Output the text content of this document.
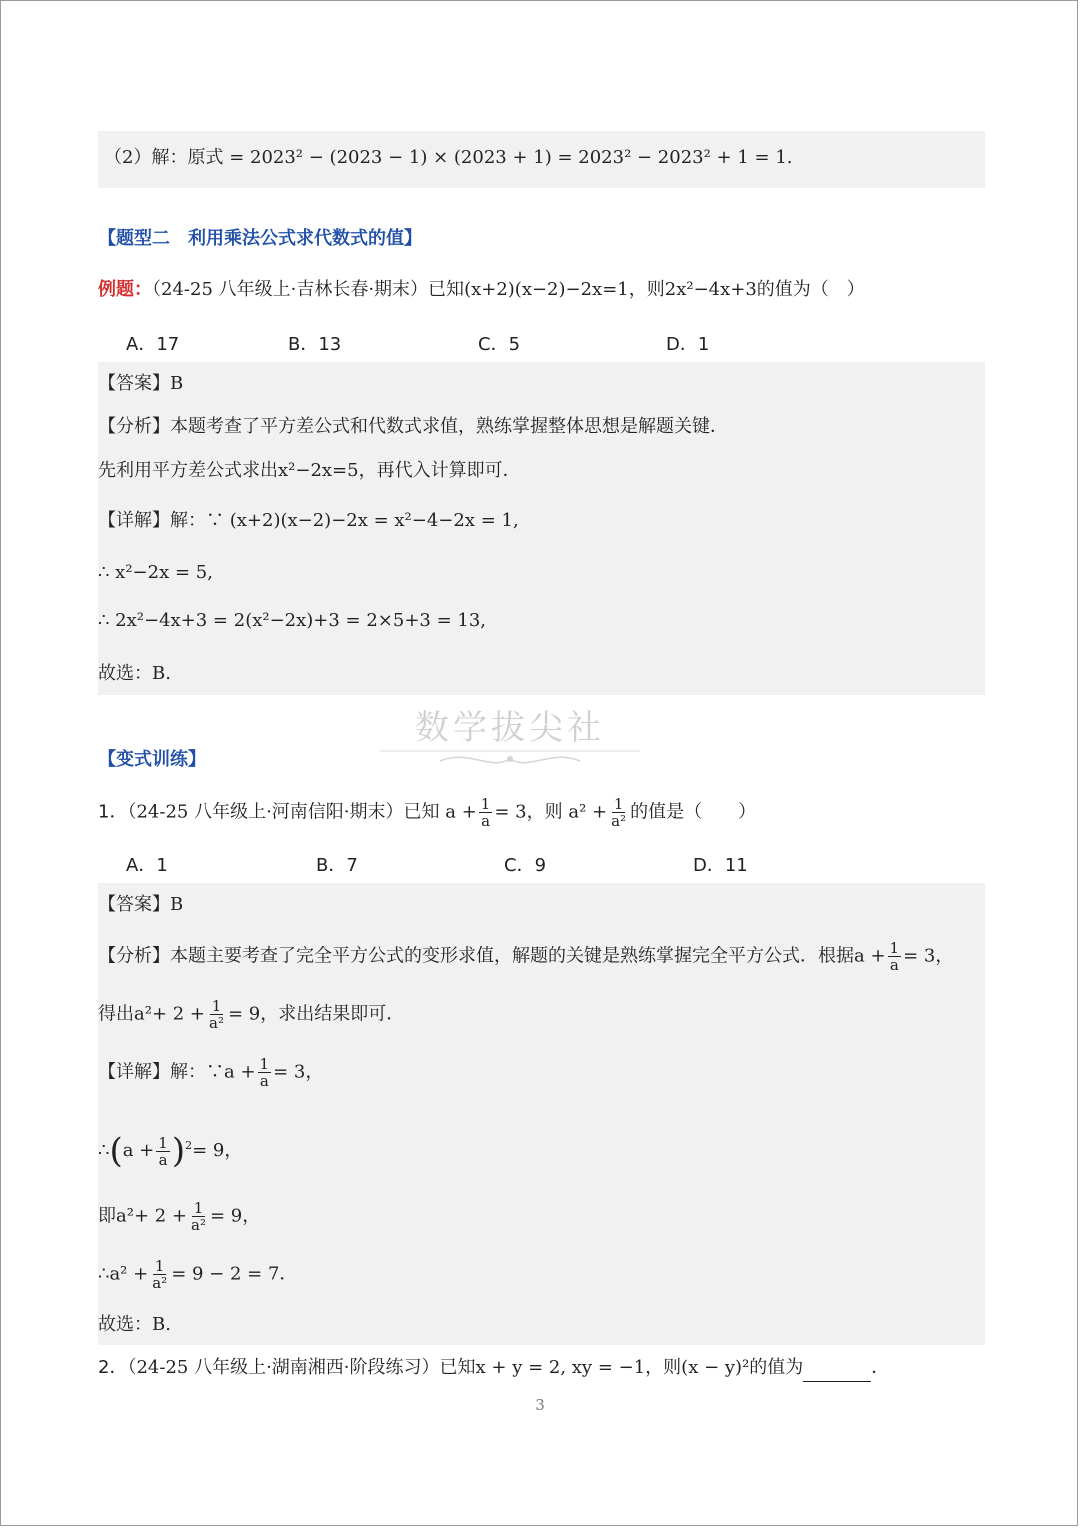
（2）解：原式 = 2023² − (2023 − 1) × (2023 + 1) = 2023² − 2023² + 1 = 1.
【题型二　利用乘法公式求代数式的值】
例题：（24-25 八年级上·吉林长春·期末）已知(x+2)(x−2)−2x=1，则2x²−4x+3的值为（　）
A．17	B．13	C．5	D．1
【答案】B
【分析】本题考查了平方差公式和代数式求值，熟练掌握整体思想是解题关键．
先利用平方差公式求出x²−2x=5，再代入计算即可．
【详解】解：∵ (x+2)(x−2)−2x = x²−4−2x = 1,
∴ x²−2x = 5,
∴ 2x²−4x+3 = 2(x²−2x)+3 = 2×5+3 = 13,
故选：B.
数学拔尖社
【变式训练】
1．（24-25 八年级上·河南信阳·期末）已知 $a + \frac{1}{a} = 3$，则 $a^2 + \frac{1}{\text{a²}}$ 的值是（　　）
A．1	B．7	C．9	D．11
【答案】B
【分析】本题主要考查了完全平方公式的变形求值，解题的关键是熟练掌握完全平方公式．根据$a + \frac{1}{a} = 3$，
得出$a^2+ 2 + \frac{1}{\text{a²}} = 9$，求出结果即可．
【详解】解：∵a + $\frac{1}{a} = 3$，
∴(a + $\frac{1}{a} )^2= 9$，
即$a^2+ 2 + \frac{1}{\text{a²}} = 9$，
∴a² + $\frac{1}{\text{a²}} = 9 - 2 = 7$．
故选：B.
2．（24-25 八年级上·湖南湘西·阶段练习）已知x + y = 2, xy = −1，则(x − y)²的值为	．
3
